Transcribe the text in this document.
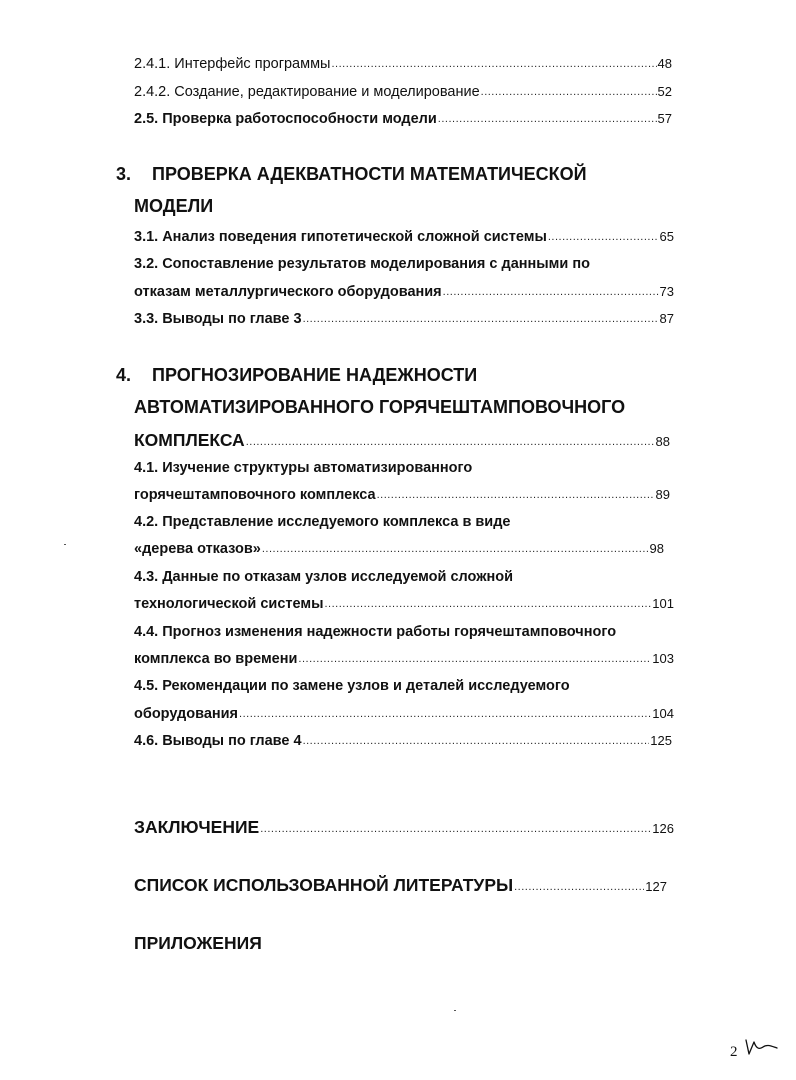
2.4.1. Интерфейс программы .....	48
2.4.2. Создание, редактирование и моделирование .....	52
2.5. Проверка работоспособности модели .....	57
3. ПРОВЕРКА АДЕКВАТНОСТИ МАТЕМАТИЧЕСКОЙ
МОДЕЛИ
3.1. Анализ поведения гипотетической сложной системы .....	65
3.2. Сопоставление результатов моделирования с данными по
отказам металлургического оборудования .....	73
3.3. Выводы по главе 3 .....	87
4. ПРОГНОЗИРОВАНИЕ НАДЕЖНОСТИ
АВТОМАТИЗИРОВАННОГО ГОРЯЧЕШТАМПОВОЧНОГО
КОМПЛЕКСА .....	88
4.1. Изучение структуры автоматизированного
горячештамповочного комплекса .....	89
4.2. Представление исследуемого комплекса в виде
«дерева отказов» .....	98
4.3. Данные по отказам узлов исследуемой сложной
технологической системы .....	101
4.4. Прогноз изменения надежности работы горячештамповочного
комплекса во времени .....	103
4.5. Рекомендации по замене узлов и деталей исследуемого
оборудования .....	104
4.6. Выводы по главе 4 .....	125
ЗАКЛЮЧЕНИЕ .....	126
СПИСОК ИСПОЛЬЗОВАННОЙ ЛИТЕРАТУРЫ .....	127
ПРИЛОЖЕНИЯ
2
